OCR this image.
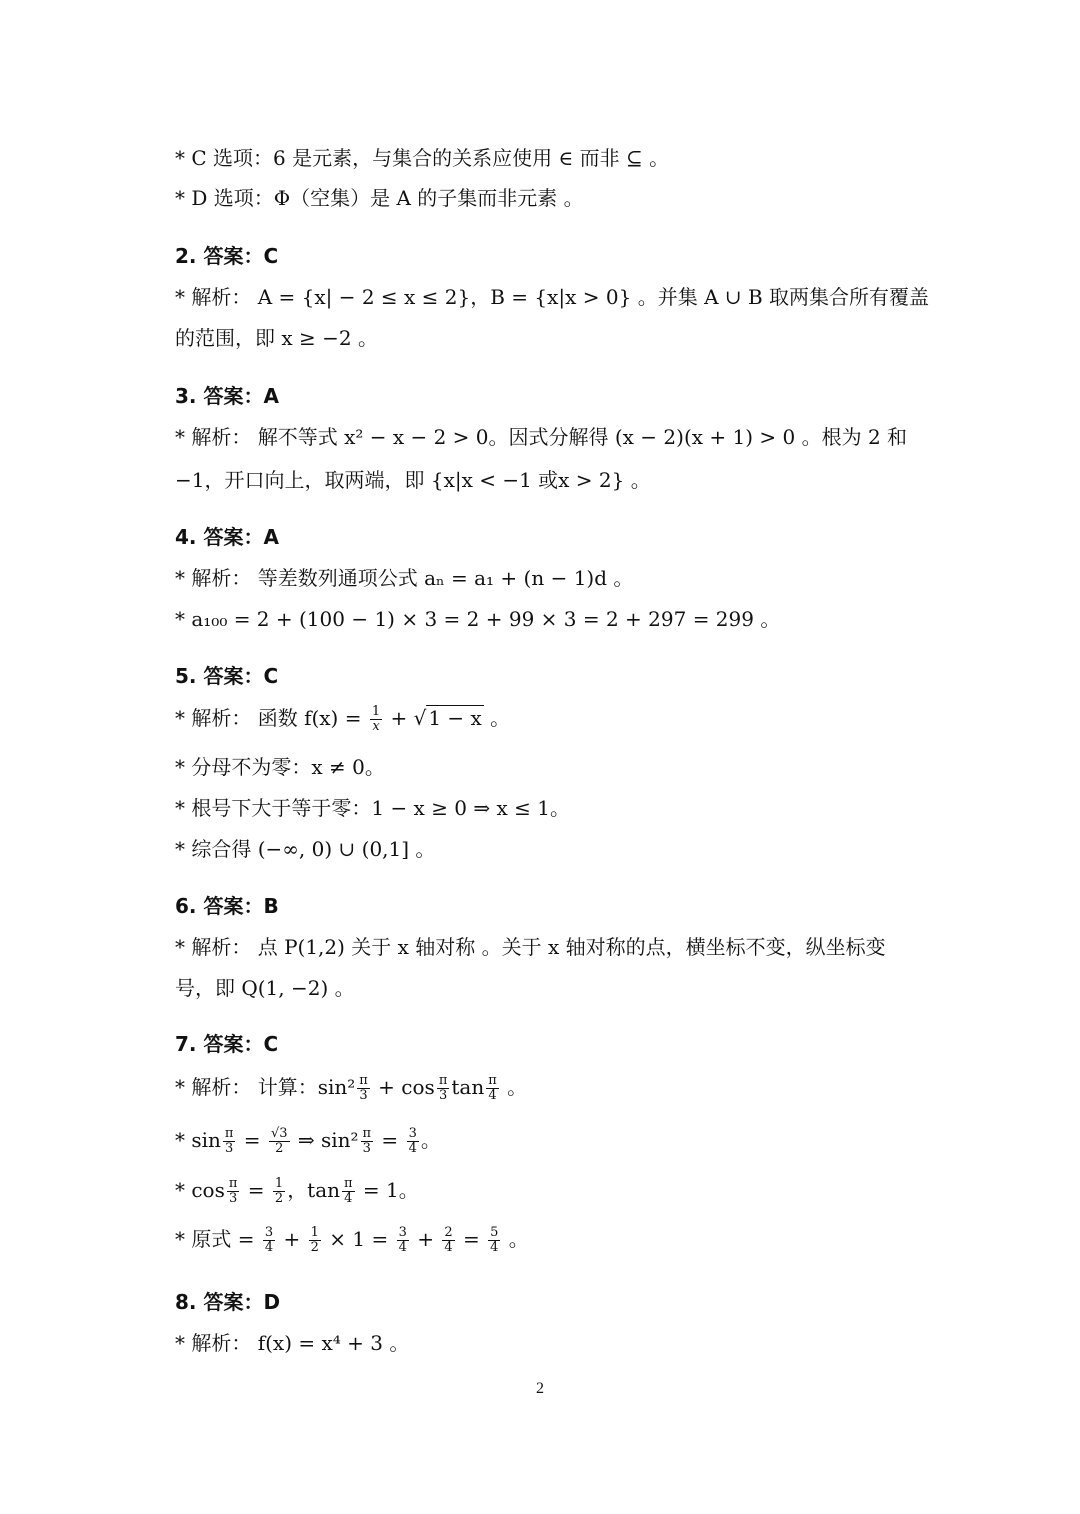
* C 选项：6 是元素，与集合的关系应使用 ∈ 而非 ⊆ 。
* D 选项：Φ（空集）是 A 的子集而非元素 。
2. 答案：C
* 解析： A = {x| − 2 ≤ x ≤ 2}，B = {x|x > 0} 。并集 A ∪ B 取两集合所有覆盖
的范围，即 x ≥ −2 。
3. 答案：A
* 解析： 解不等式 x² − x − 2 > 0。因式分解得 (x − 2)(x + 1) > 0 。根为 2 和
−1，开口向上，取两端，即 {x|x < −1 或x > 2} 。
4. 答案：A
* 解析： 等差数列通项公式 aₙ = a₁ + (n − 1)d 。
* a₁₀₀ = 2 + (100 − 1) × 3 = 2 + 99 × 3 = 2 + 297 = 299 。
5. 答案：C
* 解析： 函数 $f(x) = \frac{1}{x}$ + √ 1 − x 。
* 分母不为零：x ≠ 0。
* 根号下大于等于零：1 − x ≥ 0 ⇒ x ≤ 1。
* 综合得 (−∞, 0) ∪ (0,1] 。
6. 答案：B
* 解析： 点 P(1,2) 关于 x 轴对称 。关于 x 轴对称的点，横坐标不变，纵坐标变
号，即 Q(1, −2) 。
7. 答案：C
* 解析： 计算：$\sin^2 \frac{\pi}{3} + \cos \frac{\pi}{3}$ $\tan \frac{\pi}{4}$ 。
* $\sin \frac{\pi}{3} = \frac{√3}{2}$ ⇒ $\sin^2 \frac{\pi}{3} = \frac{3}{4}$ 。
* $\cos \frac{\pi}{3} = \frac{1}{2}$ ，$\tan \frac{\pi}{4} = 1$。
* 原式 = $\frac{3}{4} + \frac{1}{2} \times 1 = \frac{3}{4} + \frac{2}{4} = \frac{5}{4}$ 。
8. 答案：D
* 解析： f(x) = x⁴ + 3 。
2
